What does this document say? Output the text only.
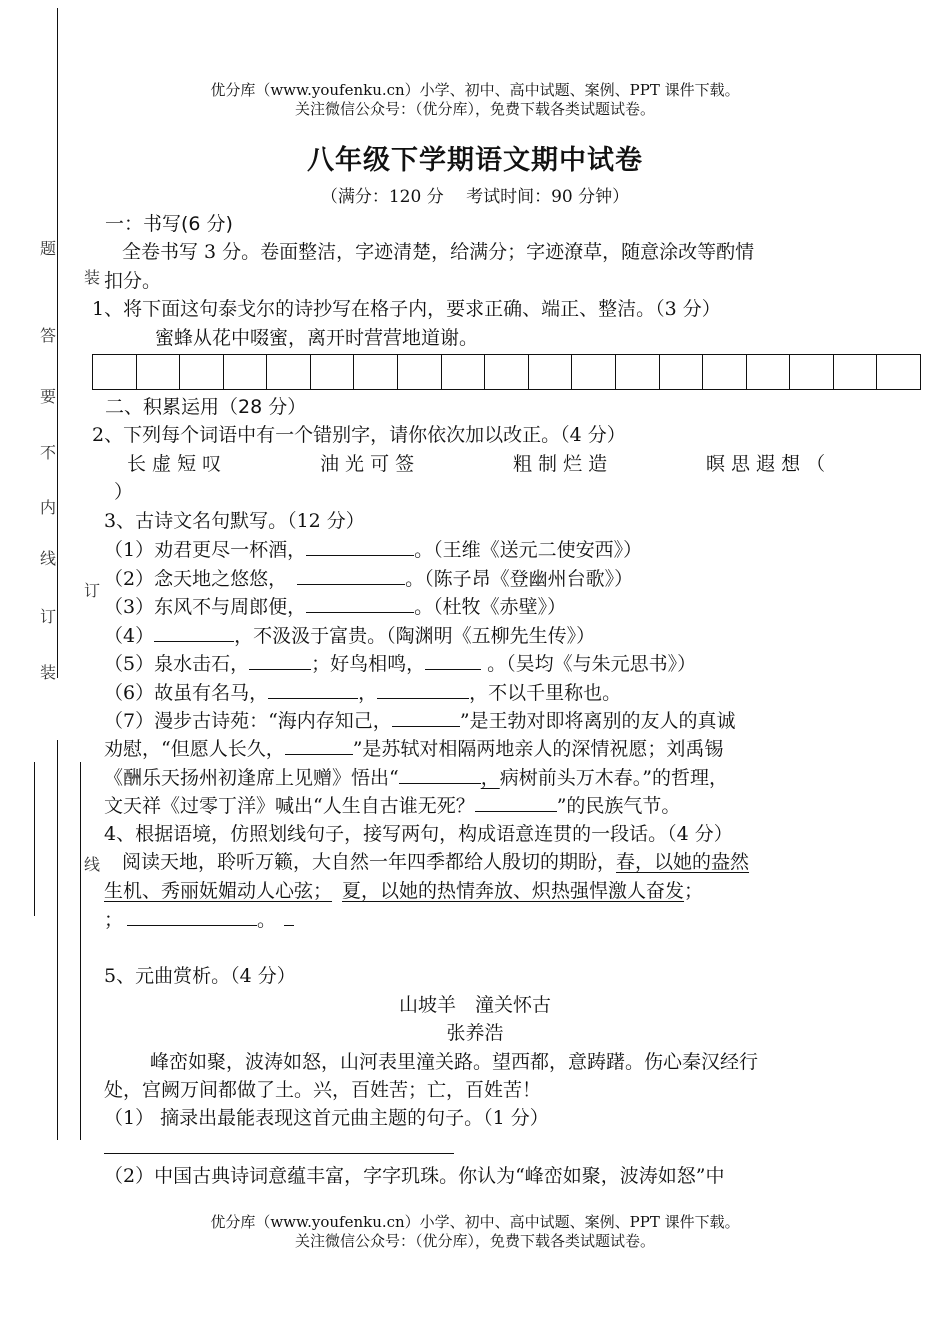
题
答
要
不
内
线
订
装
装
订
线
优分库（www.youfenku.cn）小学、初中、高中试题、案例、PPT 课件下载。
关注微信公众号：（优分库），免费下载各类试题试卷。
八年级下学期语文期中试卷
（满分：120 分　 考试时间：90 分钟）
一：书写(6 分)
全卷书写 3 分。卷面整洁，字迹清楚，给满分；字迹潦草，随意涂改等酌情
扣分。
1、将下面这句泰戈尔的诗抄写在格子内，要求正确、端正、整洁。（3 分）
蜜蜂从花中啜蜜，离开时营营地道谢。
二、积累运用（28 分）
2、下列每个词语中有一个错别字，请你依次加以改正。（4 分）
长 虚 短 叹	油 光 可 签	粗 制 烂 造	暝 思 遐 想 （
）
3、古诗文名句默写。（12 分）
（1）劝君更尽一杯酒，	。（王维《送元二使安西》）
（2）念天地之悠悠，	。（陈子昂《登幽州台歌》）
（3）东风不与周郎便，	。（杜牧《赤壁》）
（4）	，不汲汲于富贵。（陶渊明《五柳先生传》）
（5）泉水击石，	；好鸟相鸣，	。（吴均《与朱元思书》）
（6）故虽有名马，	，	，不以千里称也。
（7）漫步古诗苑：“海内存知己，	”是王勃对即将离别的友人的真诚
劝慰，“但愿人长久，	”是苏轼对相隔两地亲人的深情祝愿；刘禹锡
《酬乐天扬州初逢席上见赠》悟出“	，病树前头万木春。”的哲理，
文天祥《过零丁洋》喊出“人生自古谁无死？	”的民族气节。
4、根据语境，仿照划线句子，接写两句，构成语意连贯的一段话。（4 分）
阅读天地，聆听万籁，大自然一年四季都给人殷切的期盼，春，以她的盎然
生机、秀丽妩媚动人心弦； 夏，以她的热情奔放、炽热强悍激人奋发；
；	。
5、元曲赏析。（4 分）
山坡羊　潼关怀古
张养浩
峰峦如聚，波涛如怒，山河表里潼关路。望西都，意踌躇。伤心秦汉经行
处，宫阙万间都做了土。兴，百姓苦；亡，百姓苦！
（1） 摘录出最能表现这首元曲主题的句子。（1 分）
（2）中国古典诗词意蕴丰富，字字玑珠。你认为“峰峦如聚，波涛如怒”中
优分库（www.youfenku.cn）小学、初中、高中试题、案例、PPT 课件下载。
关注微信公众号：（优分库），免费下载各类试题试卷。
